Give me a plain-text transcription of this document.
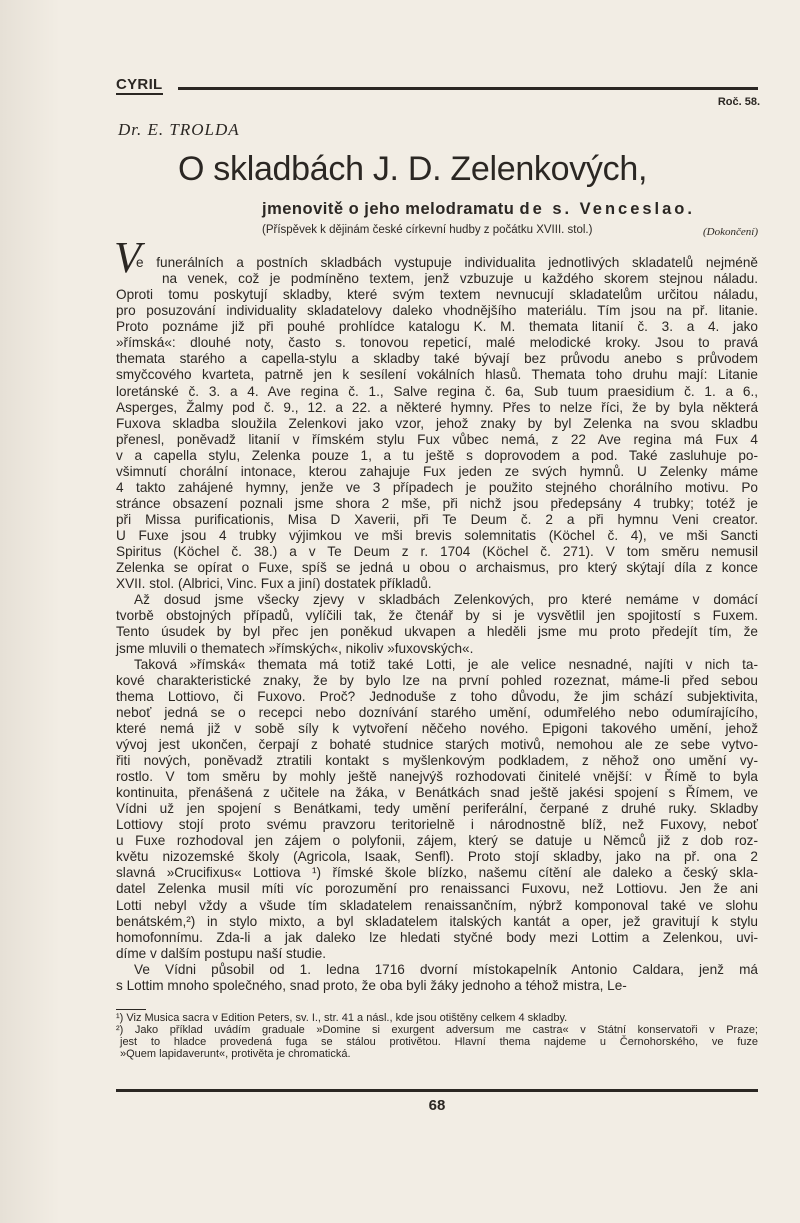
CYRIL
Roč. 58.
Dr. E. TROLDA
O skladbách J. D. Zelenkových,
jmenovitě o jeho melodramatu de s. Venceslao.
(Příspěvek k dějinám české církevní hudby z počátku XVIII. stol.)	(Dokončení)
V
e funerálních a postních skladbách vystupuje individualita jednotlivých skladatelů nejméně
na venek, což je podmíněno textem, jenž vzbuzuje u každého skorem stejnou náladu.
Oproti tomu poskytují skladby, které svým textem nevnucují skladatelům určitou náladu,
pro posuzování individuality skladatelovy daleko vhodnějšího materiálu. Tím jsou na př. litanie.
Proto poznáme již při pouhé prohlídce katalogu K. M. themata litanií č. 3. a 4. jako
»římská«: dlouhé noty, často s. tonovou repeticí, malé melodické kroky. Jsou to pravá
themata starého a capella-stylu a skladby také bývají bez průvodu anebo s průvodem
smyčcového kvarteta, patrně jen k sesílení vokálních hlasů. Themata toho druhu mají: Litanie
loretánské č. 3. a 4. Ave regina č. 1., Salve regina č. 6a, Sub tuum praesidium č. 1. a 6.,
Asperges, Žalmy pod č. 9., 12. a 22. a některé hymny. Přes to nelze říci, že by byla některá
Fuxova skladba sloužila Zelenkovi jako vzor, jehož znaky by byl Zelenka na svou skladbu
přenesl, poněvadž litanií v římském stylu Fux vůbec nemá, z 22 Ave regina má Fux 4
v a capella stylu, Zelenka pouze 1, a tu ještě s doprovodem a pod. Také zasluhuje po-
všimnutí chorální intonace, kterou zahajuje Fux jeden ze svých hymnů. U Zelenky máme
4 takto zahájené hymny, jenže ve 3 případech je použito stejného chorálního motivu. Po
stránce obsazení poznali jsme shora 2 mše, při nichž jsou předepsány 4 trubky; totéž je
při Missa purificationis, Misa D Xaverii, při Te Deum č. 2 a při hymnu Veni creator.
U Fuxe jsou 4 trubky výjimkou ve mši brevis solemnitatis (Köchel č. 4), ve mši Sancti
Spiritus (Köchel č. 38.) a v Te Deum z r. 1704 (Köchel č. 271). V tom směru nemusil
Zelenka se opírat o Fuxe, spíš se jedná u obou o archaismus, pro který skýtají díla z konce
XVII. stol. (Albrici, Vinc. Fux a jiní) dostatek příkladů.
Až dosud jsme všecky zjevy v skladbách Zelenkových, pro které nemáme v domácí
tvorbě obstojných případů, vylíčili tak, že čtenář by si je vysvětlil jen spojitostí s Fuxem.
Tento úsudek by byl přec jen poněkud ukvapen a hleděli jsme mu proto předejít tím, že
jsme mluvili o thematech »římských«, nikoliv »fuxovských«.
Taková »římská« themata má totiž také Lotti, je ale velice nesnadné, najíti v nich ta-
kové charakteristické znaky, že by bylo lze na první pohled rozeznat, máme-li před sebou
thema Lottiovo, či Fuxovo. Proč? Jednoduše z toho důvodu, že jim schází subjektivita,
neboť jedná se o recepci nebo doznívání starého umění, odumřelého nebo odumírajícího,
které nemá již v sobě síly k vytvoření něčeho nového. Epigoni takového umění, jehož
vývoj jest ukončen, čerpají z bohaté studnice starých motivů, nemohou ale ze sebe vytvo-
řiti nových, poněvadž ztratili kontakt s myšlenkovým podkladem, z něhož ono umění vy-
rostlo. V tom směru by mohly ještě nanejvýš rozhodovati činitelé vnější: v Římě to byla
kontinuita, přenášená z učitele na žáka, v Benátkách snad ještě jakési spojení s Římem, ve
Vídni už jen spojení s Benátkami, tedy umění periferální, čerpané z druhé ruky. Skladby
Lottiovy stojí proto svému pravzoru teritorielně i národnostně blíž, než Fuxovy, neboť
u Fuxe rozhodoval jen zájem o polyfonii, zájem, který se datuje u Němců již z dob roz-
květu nizozemské školy (Agricola, Isaak, Senfl). Proto stojí skladby, jako na př. ona 2
slavná »Crucifixus« Lottiova ¹) římské škole blízko, našemu cítění ale daleko a český skla-
datel Zelenka musil míti víc porozumění pro renaissanci Fuxovu, než Lottiovu. Jen že ani
Lotti nebyl vždy a všude tím skladatelem renaissančním, nýbrž komponoval také ve slohu
benátském,²) in stylo mixto, a byl skladatelem italských kantát a oper, jež gravitují k stylu
homofonnímu. Zda-li a jak daleko lze hledati styčné body mezi Lottim a Zelenkou, uvi-
díme v dalším postupu naší studie.
Ve Vídni působil od 1. ledna 1716 dvorní místokapelník Antonio Caldara, jenž má
s Lottim mnoho společného, snad proto, že oba byli žáky jednoho a téhož mistra, Le-
¹) Viz Musica sacra v Edition Peters, sv. I., str. 41 a násl., kde jsou otištěny celkem 4 skladby.
²) Jako příklad uvádím graduale »Domine si exurgent adversum me castra« v Státní konservatoři v Praze;
jest to hladce provedená fuga se stálou protivětou. Hlavní thema najdeme u Černohorského, ve fuze
»Quem lapidaverunt«, protivěta je chromatická.
68
